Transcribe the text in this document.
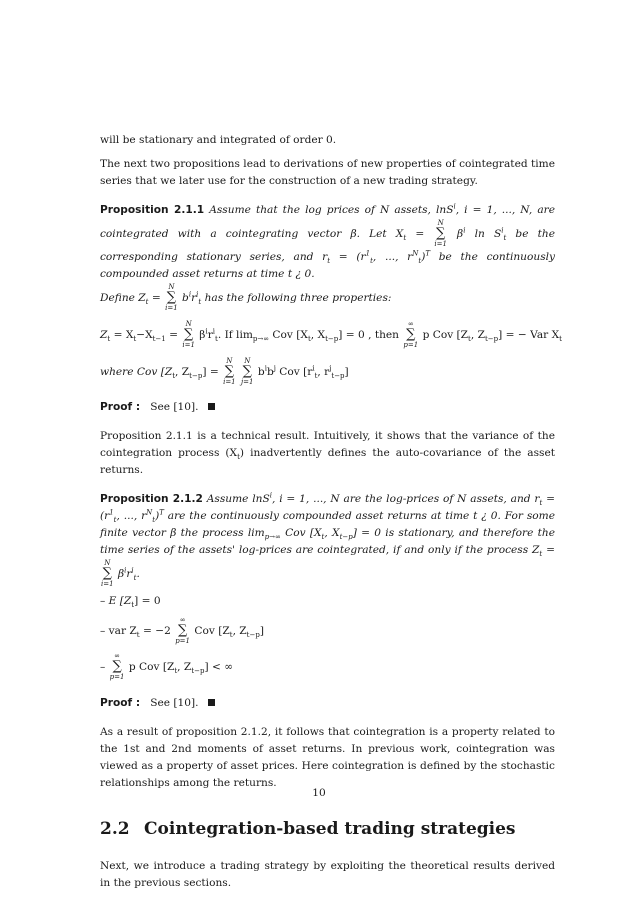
will be stationary and integrated of order 0.

The next two propositions lead to derivations of new properties of cointegrated time series that we later use for the construction of a new trading strategy.

Proposition 2.1.1 Assume that the log prices of N assets, lnS$^i$, i = 1, ..., N, are cointegrated with a cointegrating vector β. Let $X_t$ =
N
∑
i=1
$\beta^i$ $\ln S^i_t$ be the corresponding stationary series, and $r_t = (r^1_t$, ..., $r^N_t)^T$ be the continuously compounded asset returns at time t ¿ 0.
Define $Z_t$ =
N
∑
i=1
$b^ir^i_t$ has the following three properties:

$Z_t = X_t-X_{t-1}$ =
N
∑
i=1
$\beta^ir^i_t$. If $\lim_{p\to\infty}$ Cov [$X_t$, $X_{t-p}] = 0$ , then
∞
∑
p=1
p Cov [$Z_t$, $Z_{t-p}$] = − Var $X_t$

where Cov [$Z_t$, $Z_{t-p}$] =
N
∑
i=1

N
∑
j=1
$b^ib^j$ Cov [$r^i_t$, $r^j_{t-p}$]

Proof : See [10].

Proposition 2.1.1 is a technical result. Intuitively, it shows that the variance of the cointegration process $(X_t)$ inadvertently defines the auto-covariance of the asset returns.

Proposition 2.1.2 Assume lnS$^i$, i = 1, ..., N are the log-prices of N assets, and $r_t = (r^1_t$, ..., $r^N_t)^T$ are the continuously compounded asset returns at time t ¿ 0. For some finite vector β the process $\lim_{p\to\infty}$ Cov [$X_t$, $X_{t-p}] = 0$ is stationary, and therefore the time series of the assets' log-prices are cointegrated, if and only if the process $Z_t$ =
N
∑
i=1
$\beta^ir^i_t$.

– E $[Z_t] = 0$
– var $Z_t = -2$
∞
∑
p=1
Cov [$Z_t$, $Z_{t-p}$]
–
∞
∑
p=1
p Cov [$Z_t$, $Z_{t-p}$] < ∞

Proof : See [10].

As a result of proposition 2.1.2, it follows that cointegration is a property related to the 1st and 2nd moments of asset returns. In previous work, cointegration was viewed as a property of asset prices. Here cointegration is defined by the stochastic relationships among the returns.

2.2 Cointegration-based trading strategies

Next, we introduce a trading strategy by exploiting the theoretical results derived in the previous sections.

10
